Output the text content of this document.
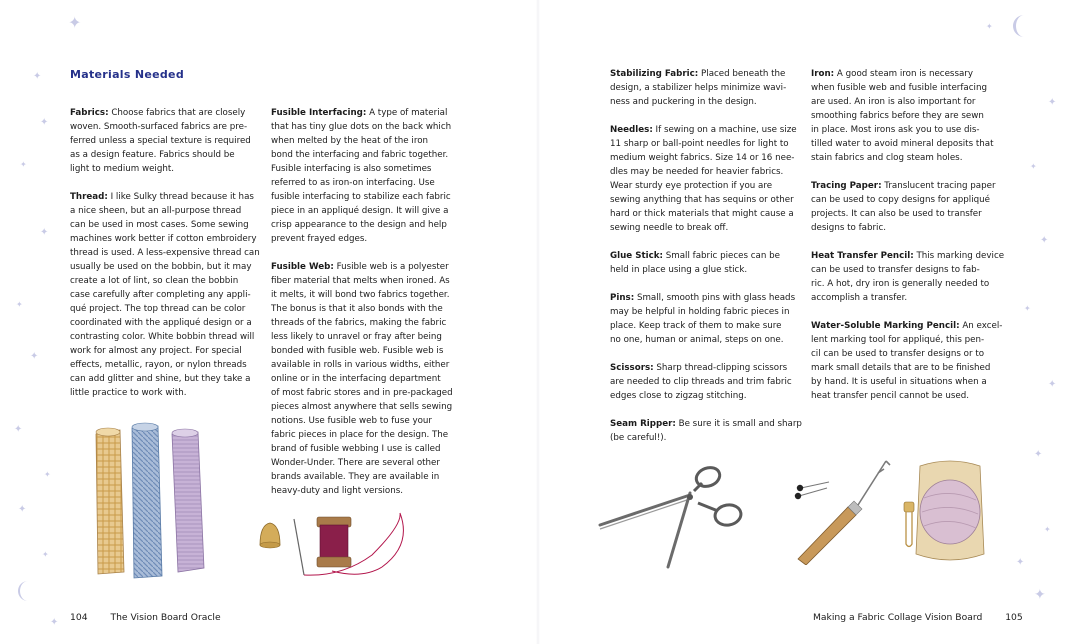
✦
✦
✦
✦
✦
✦
✦
✦
✦
✦
✦
✦
Materials Needed

Fabrics: Choose fabrics that are closely
woven. Smooth-surfaced fabrics are pre-
ferred unless a special texture is required
as a design feature. Fabrics should be
light to medium weight.

Thread: I like Sulky thread because it has
a nice sheen, but an all-purpose thread
can be used in most cases. Some sewing
machines work better if cotton embroidery
thread is used. A less-expensive thread can
usually be used on the bobbin, but it may
create a lot of lint, so clean the bobbin
case carefully after completing any appli-
qué project. The top thread can be color
coordinated with the appliqué design or a
contrasting color. White bobbin thread will
work for almost any project. For special
effects, metallic, rayon, or nylon threads
can add glitter and shine, but they take a
little practice to work with.

Fusible Interfacing: A type of material
that has tiny glue dots on the back which
when melted by the heat of the iron
bond the interfacing and fabric together.
Fusible interfacing is also sometimes
referred to as iron-on interfacing. Use
fusible interfacing to stabilize each fabric
piece in an appliqué design. It will give a
crisp appearance to the design and help
prevent frayed edges.

Fusible Web: Fusible web is a polyester
fiber material that melts when ironed. As
it melts, it will bond two fabrics together.
The bonus is that it also bonds with the
threads of the fabrics, making the fabric
less likely to unravel or fray after being
bonded with fusible web. Fusible web is
available in rolls in various widths, either
online or in the interfacing department
of most fabric stores and in pre-packaged
pieces almost anywhere that sells sewing
notions. Use fusible web to fuse your
fabric pieces in place for the design. The
brand of fusible webbing I use is called
Wonder-Under. There are several other
brands available. They are available in
heavy-duty and light versions.

104 The Vision Board Oracle
✦
✦
✦
✦
✦
✦
✦
✦
✦
✦

Stabilizing Fabric: Placed beneath the
design, a stabilizer helps minimize wavi-
ness and puckering in the design.

Needles: If sewing on a machine, use size
11 sharp or ball-point needles for light to
medium weight fabrics. Size 14 or 16 nee-
dles may be needed for heavier fabrics.
Wear sturdy eye protection if you are
sewing anything that has sequins or other
hard or thick materials that might cause a
sewing needle to break off.

Glue Stick: Small fabric pieces can be
held in place using a glue stick.

Pins: Small, smooth pins with glass heads
may be helpful in holding fabric pieces in
place. Keep track of them to make sure
no one, human or animal, steps on one.

Scissors: Sharp thread-clipping scissors
are needed to clip threads and trim fabric
edges close to zigzag stitching.

Seam Ripper: Be sure it is small and sharp
(be careful!).

Iron: A good steam iron is necessary
when fusible web and fusible interfacing
are used. An iron is also important for
smoothing fabrics before they are sewn
in place. Most irons ask you to use dis-
tilled water to avoid mineral deposits that
stain fabrics and clog steam holes.

Tracing Paper: Translucent tracing paper
can be used to copy designs for appliqué
projects. It can also be used to transfer
designs to fabric.

Heat Transfer Pencil: This marking device
can be used to transfer designs to fab-
ric. A hot, dry iron is generally needed to
accomplish a transfer.

Water-Soluble Marking Pencil: An excel-
lent marking tool for appliqué, this pen-
cil can be used to transfer designs or to
mark small details that are to be finished
by hand. It is useful in situations when a
heat transfer pencil cannot be used.

Making a Fabric Collage Vision Board 105
